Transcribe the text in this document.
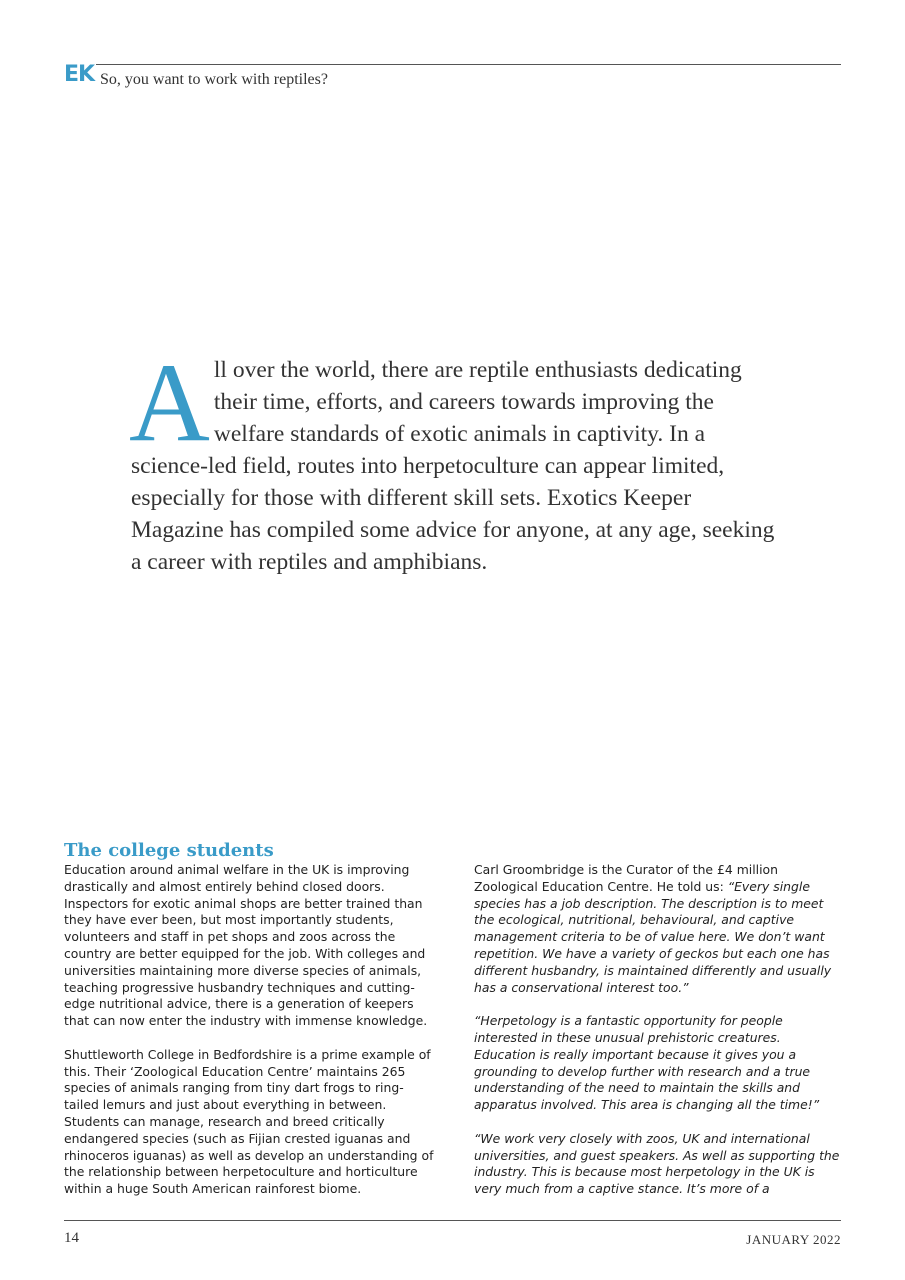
EK So, you want to work with reptiles?
A ll over the world, there are reptile enthusiasts dedicating their time, efforts, and careers towards improving the welfare standards of exotic animals in captivity. In a science-led field, routes into herpetoculture can appear limited, especially for those with different skill sets. Exotics Keeper Magazine has compiled some advice for anyone, at any age, seeking a career with reptiles and amphibians.
The college students

Education around animal welfare in the UK is improving drastically and almost entirely behind closed doors. Inspectors for exotic animal shops are better trained than they have ever been, but most importantly students, volunteers and staff in pet shops and zoos across the country are better equipped for the job. With colleges and universities maintaining more diverse species of animals, teaching progressive husbandry techniques and cutting-edge nutritional advice, there is a generation of keepers that can now enter the industry with immense knowledge.

Shuttleworth College in Bedfordshire is a prime example of this. Their ‘Zoological Education Centre’ maintains 265 species of animals ranging from tiny dart frogs to ring-tailed lemurs and just about everything in between. Students can manage, research and breed critically endangered species (such as Fijian crested iguanas and rhinoceros iguanas) as well as develop an understanding of the relationship between herpetoculture and horticulture within a huge South American rainforest biome.

Carl Groombridge is the Curator of the £4 million Zoological Education Centre. He told us: “Every single species has a job description. The description is to meet the ecological, nutritional, behavioural, and captive management criteria to be of value here. We don’t want repetition. We have a variety of geckos but each one has different husbandry, is maintained differently and usually has a conservational interest too.”

“Herpetology is a fantastic opportunity for people interested in these unusual prehistoric creatures. Education is really important because it gives you a grounding to develop further with research and a true understanding of the need to maintain the skills and apparatus involved. This area is changing all the time!”

“We work very closely with zoos, UK and international universities, and guest speakers. As well as supporting the industry. This is because most herpetology in the UK is very much from a captive stance. It’s more of a

14	JANUARY 2022
